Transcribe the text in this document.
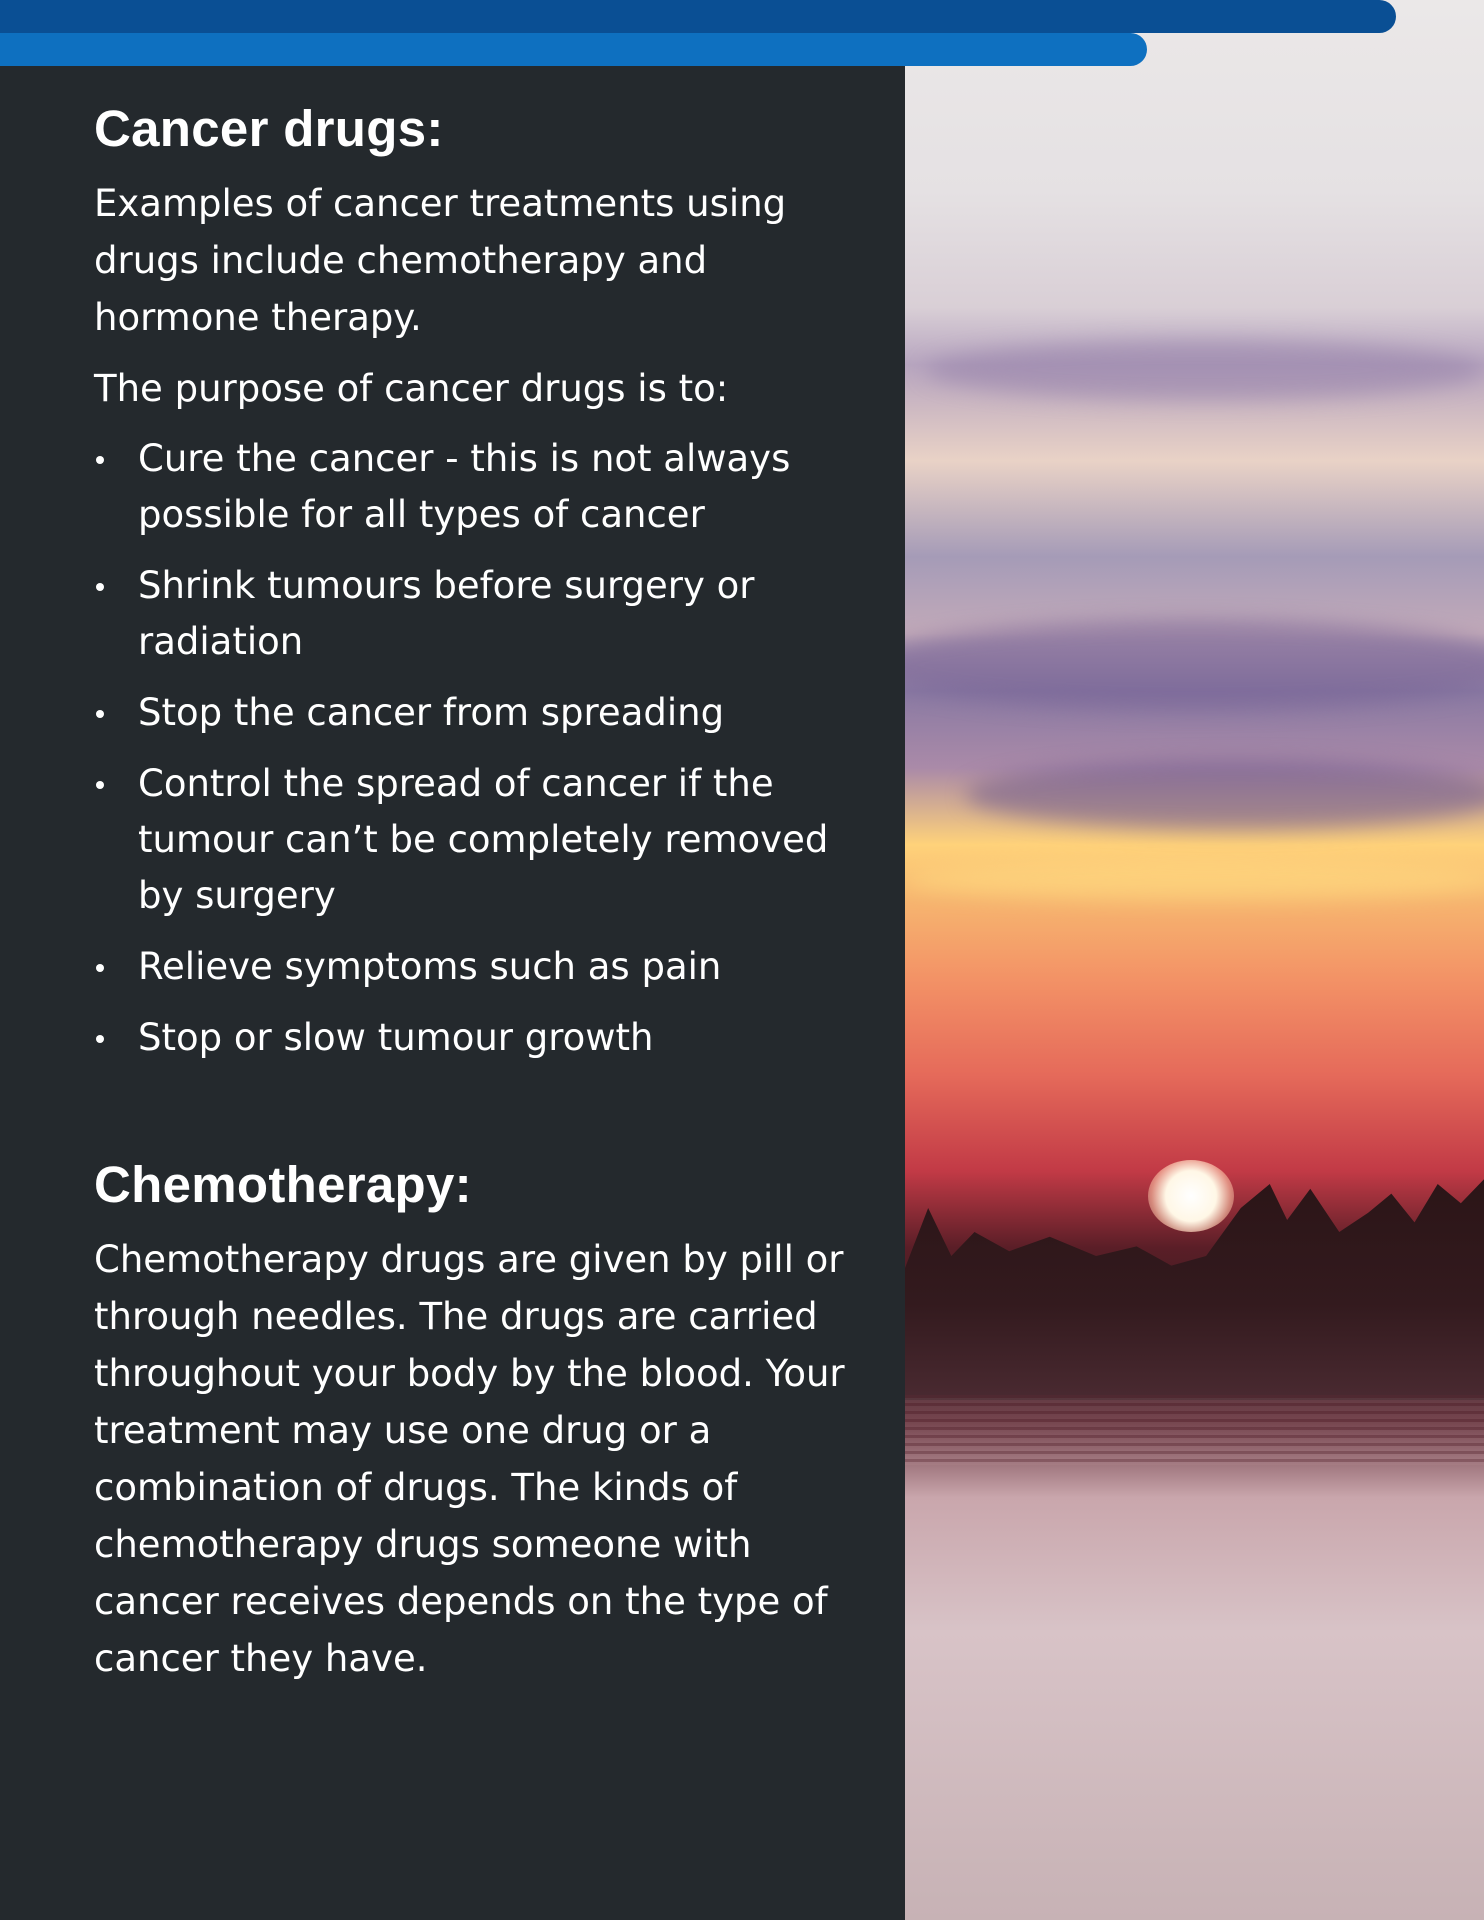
Cancer drugs:

Examples of cancer treatments using drugs include chemotherapy and hormone therapy.

The purpose of cancer drugs is to:

Cure the cancer - this is not always possible for all types of cancer
Shrink tumours before surgery or radiation
Stop the cancer from spreading
Control the spread of cancer if the tumour can’t be completely removed by surgery
Relieve symptoms such as pain
Stop or slow tumour growth
Chemotherapy:

Chemotherapy drugs are given by pill or through needles. The drugs are carried throughout your body by the blood. Your treatment may use one drug or a combination of drugs. The kinds of chemotherapy drugs someone with cancer receives depends on the type of cancer they have.
